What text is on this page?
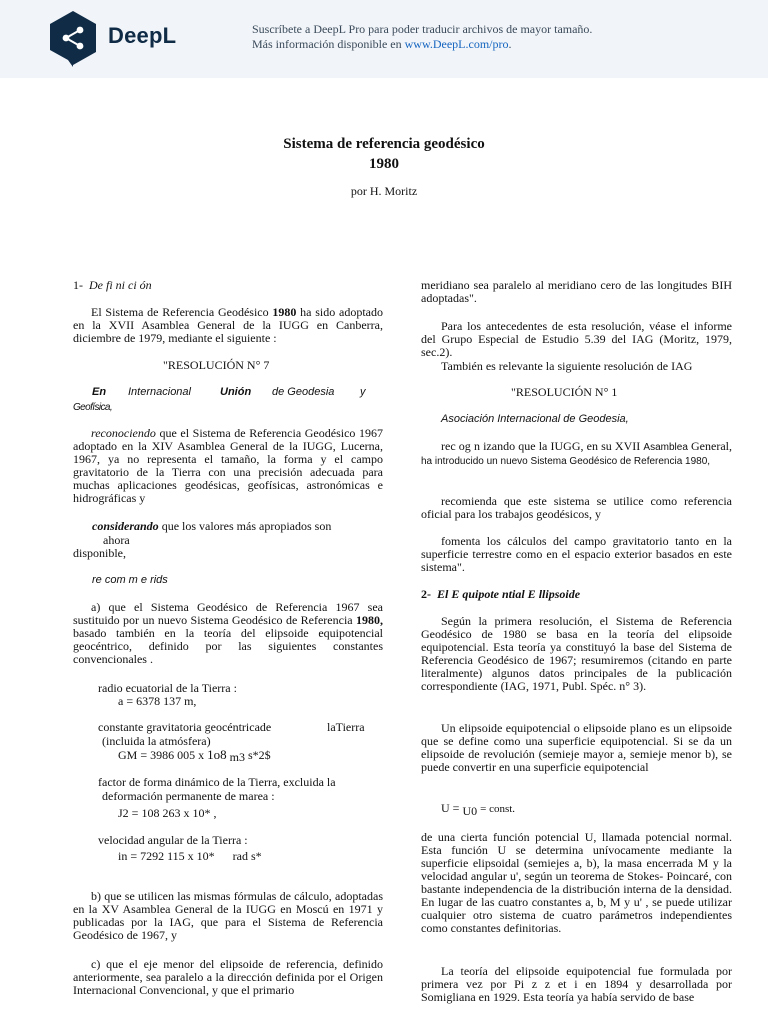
DeepL	Suscríbete a DeepL Pro para poder traducir archivos de mayor tamaño.
Más información disponible en www.DeepL.com/pro.
Sistema de referencia geodésico
1980
por H. Moritz
1- De fi ni ci ón

El Sistema de Referencia Geodésico 1980 ha sido adoptado en la XVII Asamblea General de la IUGG en Canberra, diciembre de 1979, mediante el siguiente :

"RESOLUCIÓN N° 7
En Internacional	Unión de Geodesia y
Geofísica,

reconociendo que el Sistema de Referencia Geodésico 1967 adoptado en la XIV Asamblea General de la IUGG, Lucerna, 1967, ya no representa el tamaño, la forma y el campo gravitatorio de la Tierra con una precisión adecuada para muchas aplicaciones geodésicas, geofísicas, astronómicas e hidrográficas y

considerando que los valores más apropiados son
ahora
disponible,
re com m e rids

a) que el Sistema Geodésico de Referencia 1967 sea sustituido por un nuevo Sistema Geodésico de Referencia 1980, basado también en la teoría del elipsoide equipotencial geocéntrico, definido por las siguientes constantes convencionales .

radio ecuatorial de la Tierra :
a = 6378 137 m,
constante gravitatoria geocéntricade	laTierra
(incluida la atmósfera)
GM = 3986 005 x 1o8 m3 s*2$
factor de forma dinámico de la Tierra, excluida la
deformación permanente de marea :
J2 = 108 263 x 10* ,
velocidad angular de la Tierra :
in = 7292 115 x 10* rad s*

b) que se utilicen las mismas fórmulas de cálculo, adoptadas en la XV Asamblea General de la IUGG en Moscú en 1971 y publicadas por la IAG, que para el Sistema de Referencia Geodésico de 1967, y

c) que el eje menor del elipsoide de referencia, definido anteriormente, sea paralelo a la dirección definida por el Origen Internacional Convencional, y que el primario

meridiano sea paralelo al meridiano cero de las longitudes BIH adoptadas".

Para los antecedentes de esta resolución, véase el informe del Grupo Especial de Estudio 5.39 del IAG (Moritz, 1979, sec.2).

También es relevante la siguiente resolución de IAG
"RESOLUCIÓN N° 1
Asociación Internacional de Geodesia,

rec og n izando que la IUGG, en su XVII Asamblea General, ha introducido un nuevo Sistema Geodésico de Referencia 1980,

recomienda que este sistema se utilice como referencia oficial para los trabajos geodésicos, y

fomenta los cálculos del campo gravitatorio tanto en la superficie terrestre como en el espacio exterior basados en este sistema".

2- El E quipote ntial E llipsoide

Según la primera resolución, el Sistema de Referencia Geodésico de 1980 se basa en la teoría del elipsoide equipotencial. Esta teoría ya constituyó la base del Sistema de Referencia Geodésico de 1967; resumiremos (citando en parte literalmente) algunos datos principales de la publicación correspondiente (IAG, 1971, Publ. Spéc. n° 3).

Un elipsoide equipotencial o elipsoide plano es un elipsoide que se define como una superficie equipotencial. Si se da un elipsoide de revolución (semieje mayor a, semieje menor b), se puede convertir en una superficie equipotencial

U = U0 = const.

de una cierta función potencial U, llamada potencial normal. Esta función U se determina unívocamente mediante la superficie elipsoidal (semiejes a, b), la masa encerrada M y la velocidad angular u', según un teorema de Stokes- Poincaré, con bastante independencia de la distribución interna de la densidad. En lugar de las cuatro constantes a, b, M y u' , se puede utilizar cualquier otro sistema de cuatro parámetros independientes como constantes definitorias.

La teoría del elipsoide equipotencial fue formulada por primera vez por Pi z z et i en 1894 y desarrollada por Somigliana en 1929. Esta teoría ya había servido de base
